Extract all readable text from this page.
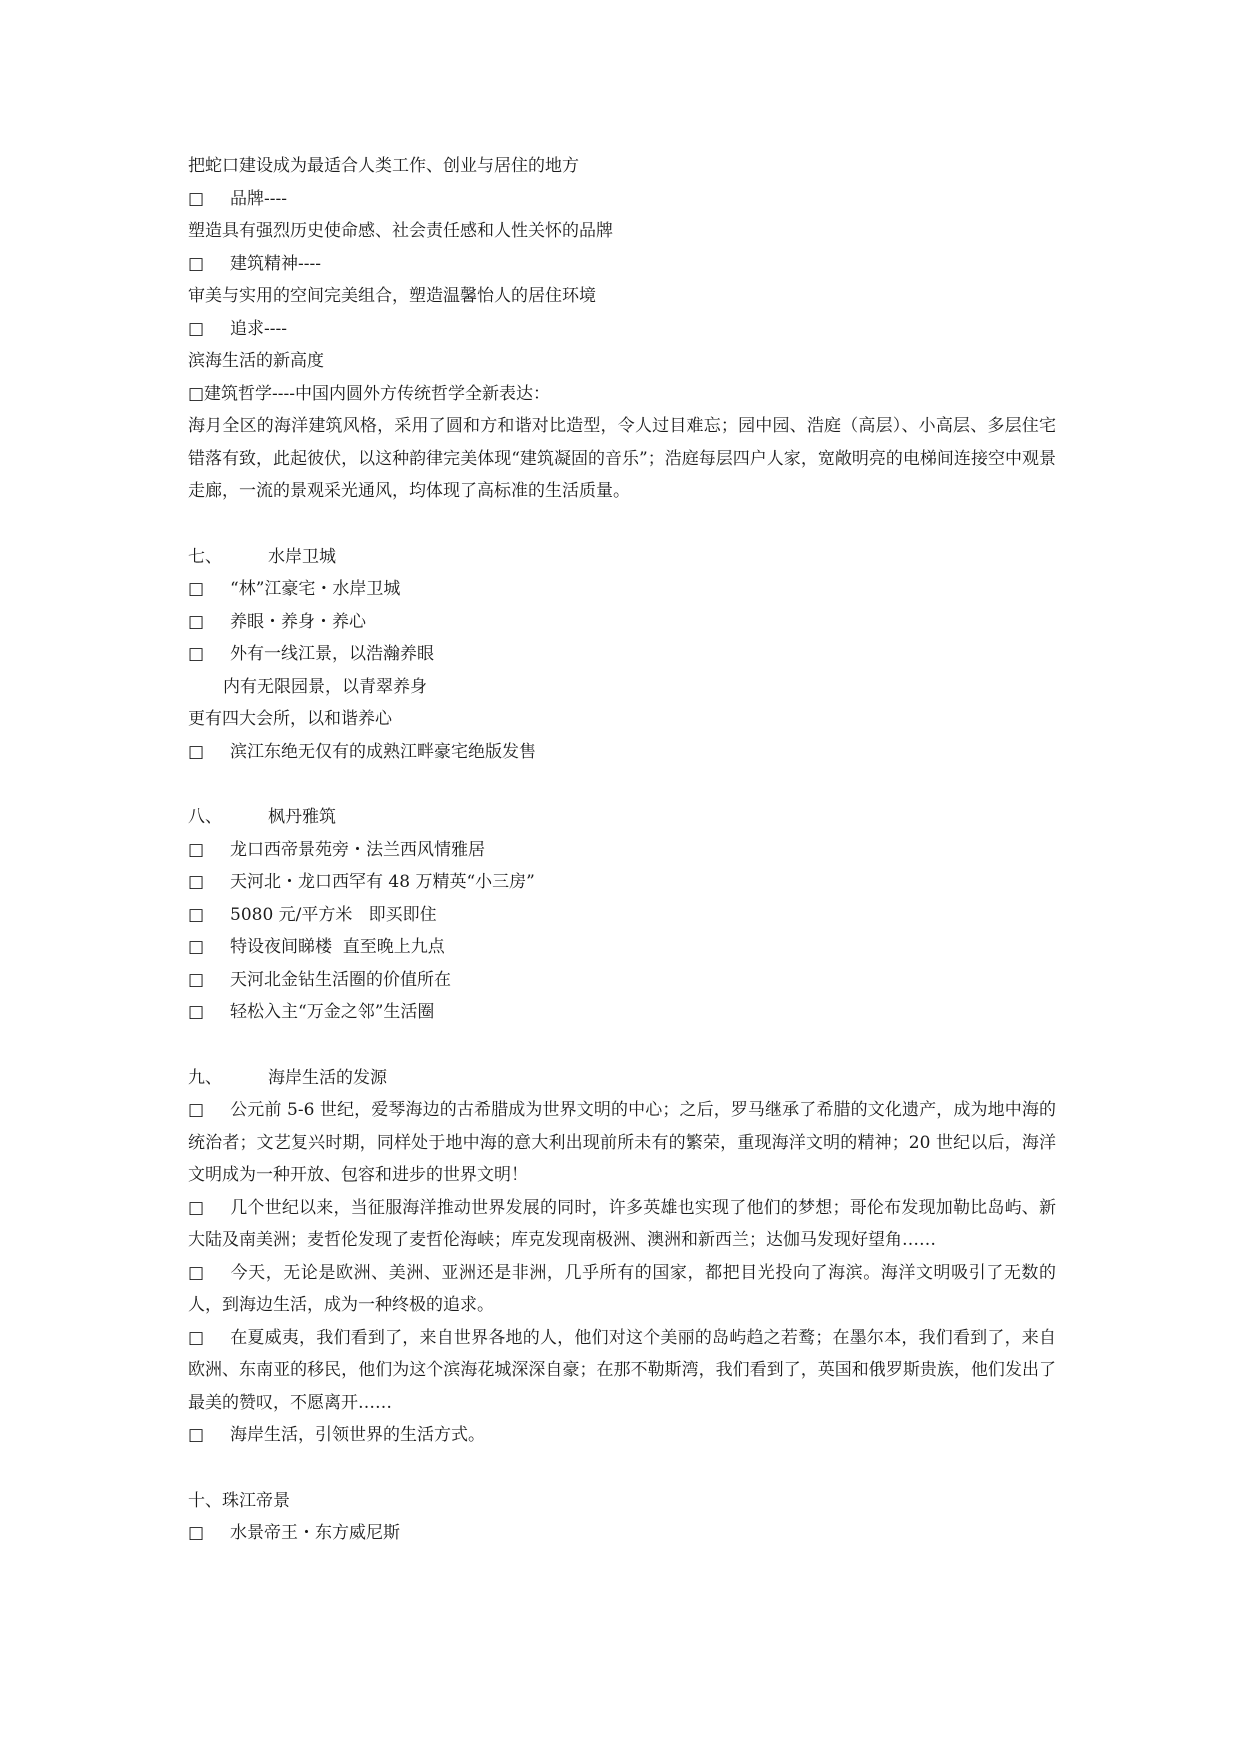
把蛇口建设成为最适合人类工作、创业与居住的地方

□ 品牌----

塑造具有强烈历史使命感、社会责任感和人性关怀的品牌

□ 建筑精神----

审美与实用的空间完美组合，塑造温馨怡人的居住环境

□ 追求----

滨海生活的新高度

□建筑哲学----中国内圆外方传统哲学全新表达：

海月全区的海洋建筑风格，采用了圆和方和谐对比造型，令人过目难忘；园中园、浩庭（高层）、小高层、多层住宅错落有致，此起彼伏，以这种韵律完美体现“建筑凝固的音乐”；浩庭每层四户人家，宽敞明亮的电梯间连接空中观景走廊，一流的景观采光通风，均体现了高标准的生活质量。

七、	水岸卫城

□ “林”江豪宅・水岸卫城

□ 养眼・养身・养心

□ 外有一线江景，以浩瀚养眼

内有无限园景，以青翠养身

更有四大会所，以和谐养心

□ 滨江东绝无仅有的成熟江畔豪宅绝版发售

八、	枫丹雅筑

□ 龙口西帝景苑旁・法兰西风情雅居

□ 天河北・龙口西罕有 48 万精英“小三房”

□ 5080 元/平方米   即买即住

□ 特设夜间睇楼  直至晚上九点

□ 天河北金钻生活圈的价值所在

□ 轻松入主“万金之邻”生活圈

九、	海岸生活的发源

□ 公元前 5-6 世纪，爱琴海边的古希腊成为世界文明的中心；之后，罗马继承了希腊的文化遗产，成为地中海的统治者；文艺复兴时期，同样处于地中海的意大利出现前所未有的繁荣，重现海洋文明的精神；20 世纪以后，海洋文明成为一种开放、包容和进步的世界文明！

□ 几个世纪以来，当征服海洋推动世界发展的同时，许多英雄也实现了他们的梦想；哥伦布发现加勒比岛屿、新大陆及南美洲；麦哲伦发现了麦哲伦海峡；库克发现南极洲、澳洲和新西兰；达伽马发现好望角……

□ 今天，无论是欧洲、美洲、亚洲还是非洲，几乎所有的国家，都把目光投向了海滨。海洋文明吸引了无数的人，到海边生活，成为一种终极的追求。

□ 在夏威夷，我们看到了，来自世界各地的人，他们对这个美丽的岛屿趋之若鹜；在墨尔本，我们看到了，来自欧洲、东南亚的移民，他们为这个滨海花城深深自豪；在那不勒斯湾，我们看到了，英国和俄罗斯贵族，他们发出了最美的赞叹，不愿离开……

□ 海岸生活，引领世界的生活方式。

十、珠江帝景

□ 水景帝王・东方威尼斯
